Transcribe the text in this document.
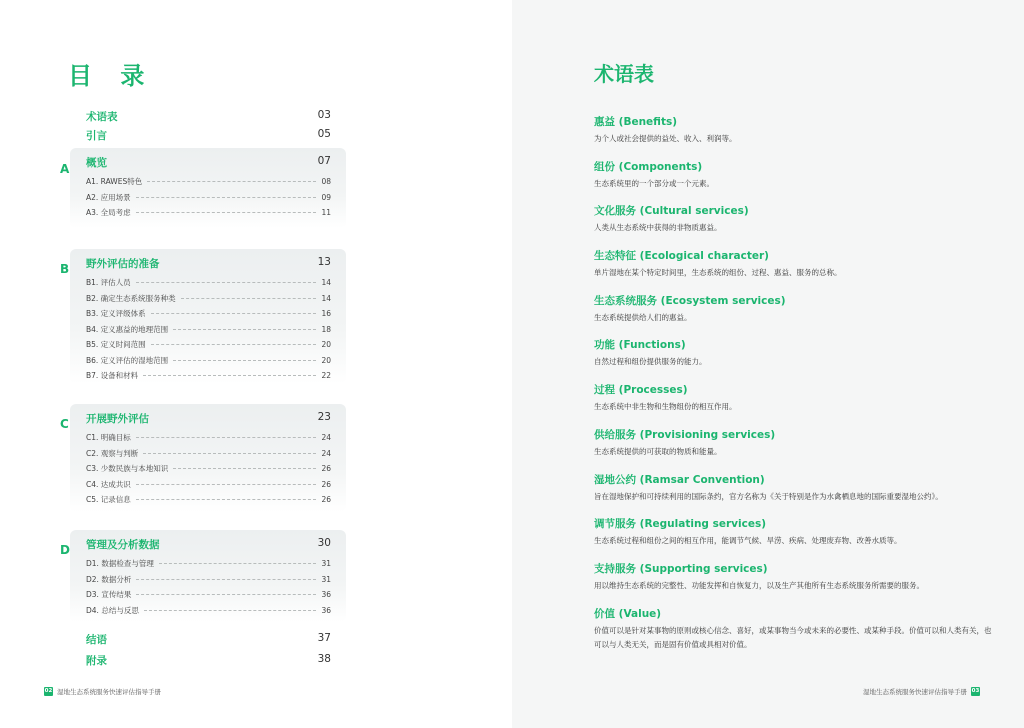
目 录
术语表	03
引言	05
A 概览	07
A1. RAWES特色	08
A2. 应用场景	09
A3. 全局考虑	11
B 野外评估的准备	13
B1. 评估人员	14
B2. 确定生态系统服务种类	14
B3. 定义评级体系	16
B4. 定义惠益的地理范围	18
B5. 定义时间范围	20
B6. 定义评估的湿地范围	20
B7. 设备和材料	22
C 开展野外评估	23
C1. 明确目标	24
C2. 观察与判断	24
C3. 少数民族与本地知识	26
C4. 达成共识	26
C5. 记录信息	26
D 管理及分析数据	30
D1. 数据检查与管理	31
D2. 数据分析	31
D3. 宣传结果	36
D4. 总结与反思	36
结语	37
附录	38
02 湿地生态系统服务快速评估指导手册
术语表
惠益 (Benefits)
为个人或社会提供的益处、收入、利润等。
组份 (Components)
生态系统里的一个部分或一个元素。
文化服务 (Cultural services)
人类从生态系统中获得的非物质惠益。
生态特征 (Ecological character)
单片湿地在某个特定时间里，生态系统的组份、过程、惠益、服务的总称。
生态系统服务 (Ecosystem services)
生态系统提供给人们的惠益。
功能 (Functions)
自然过程和组份提供服务的能力。
过程 (Processes)
生态系统中非生物和生物组份的相互作用。
供给服务 (Provisioning services)
生态系统提供的可获取的物质和能量。
湿地公约 (Ramsar Convention)
旨在湿地保护和可持续利用的国际条约，官方名称为《关于特别是作为水禽栖息地的国际重要湿地公约》。
调节服务 (Regulating services)
生态系统过程和组份之间的相互作用，能调节气候、旱涝、疾病、处理废弃物、改善水质等。
支持服务 (Supporting services)
用以维持生态系统的完整性、功能发挥和自恢复力，以及生产其他所有生态系统服务所需要的服务。
价值 (Value)
价值可以是针对某事物的原则或核心信念、喜好，或某事物当今或未来的必要性、或某种手段。价值可以和人类有关，也可以与人类无关，而是固有价值或具相对价值。
湿地生态系统服务快速评估指导手册 03
